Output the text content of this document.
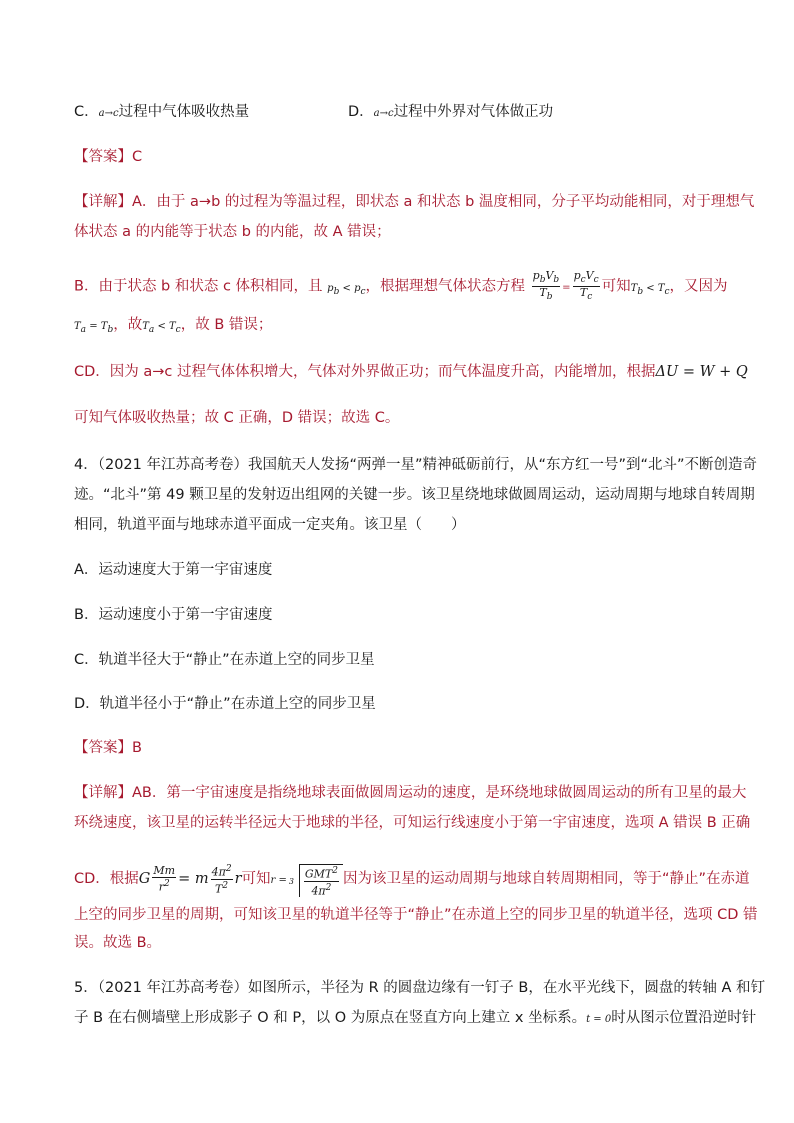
C．a→c过程中气体吸收热量	D．a→c过程中外界对气体做正功
【答案】C
【详解】A．由于 a→b 的过程为等温过程，即状态 a 和状态 b 温度相同，分子平均动能相同，对于理想气
体状态 a 的内能等于状态 b 的内能，故 A 错误；
B．由于状态 b 和状态 c 体积相同，且 $p_b < p_c$，根据理想气体状态方程 $\frac{p_bV_b}{T_b} = \frac{p_cV_c}{T_c}$ 可知$T_b < T_c$，又因为
$T_a = T_b$，故$T_a < T_c$，故 B 错误；
CD．因为 a→c 过程气体体积增大，气体对外界做正功；而气体温度升高，内能增加，根据ΔU = W + Q
可知气体吸收热量；故 C 正确，D 错误；故选 C。
4．（2021 年江苏高考卷）我国航天人发扬“两弹一星”精神砥砺前行，从“东方红一号”到“北斗”不断创造奇
迹。“北斗”第 49 颗卫星的发射迈出组网的关键一步。该卫星绕地球做圆周运动，运动周期与地球自转周期
相同，轨道平面与地球赤道平面成一定夹角。该卫星（　　）
A．运动速度大于第一宇宙速度
B．运动速度小于第一宇宙速度
C．轨道半径大于“静止”在赤道上空的同步卫星
D．轨道半径小于“静止”在赤道上空的同步卫星
【答案】B
【详解】AB．第一宇宙速度是指绕地球表面做圆周运动的速度，是环绕地球做圆周运动的所有卫星的最大
环绕速度，该卫星的运转半径远大于地球的半径，可知运行线速度小于第一宇宙速度，选项 A 错误 B 正确
CD．根据G $\frac{Mm}{r^2} = m \frac{4\pi^2}{T^2}$ r可知$r = 3 \frac{GMT^2}{4\pi^2}$ 因为该卫星的运动周期与地球自转周期相同，等于“静止”在赤道
上空的同步卫星的周期，可知该卫星的轨道半径等于“静止”在赤道上空的同步卫星的轨道半径，选项 CD 错
误。故选 B。
5．（2021 年江苏高考卷）如图所示，半径为 R 的圆盘边缘有一钉子 B，在水平光线下，圆盘的转轴 A 和钉
子 B 在右侧墙壁上形成影子 O 和 P，以 O 为原点在竖直方向上建立 x 坐标系。t = 0时从图示位置沿逆时针
